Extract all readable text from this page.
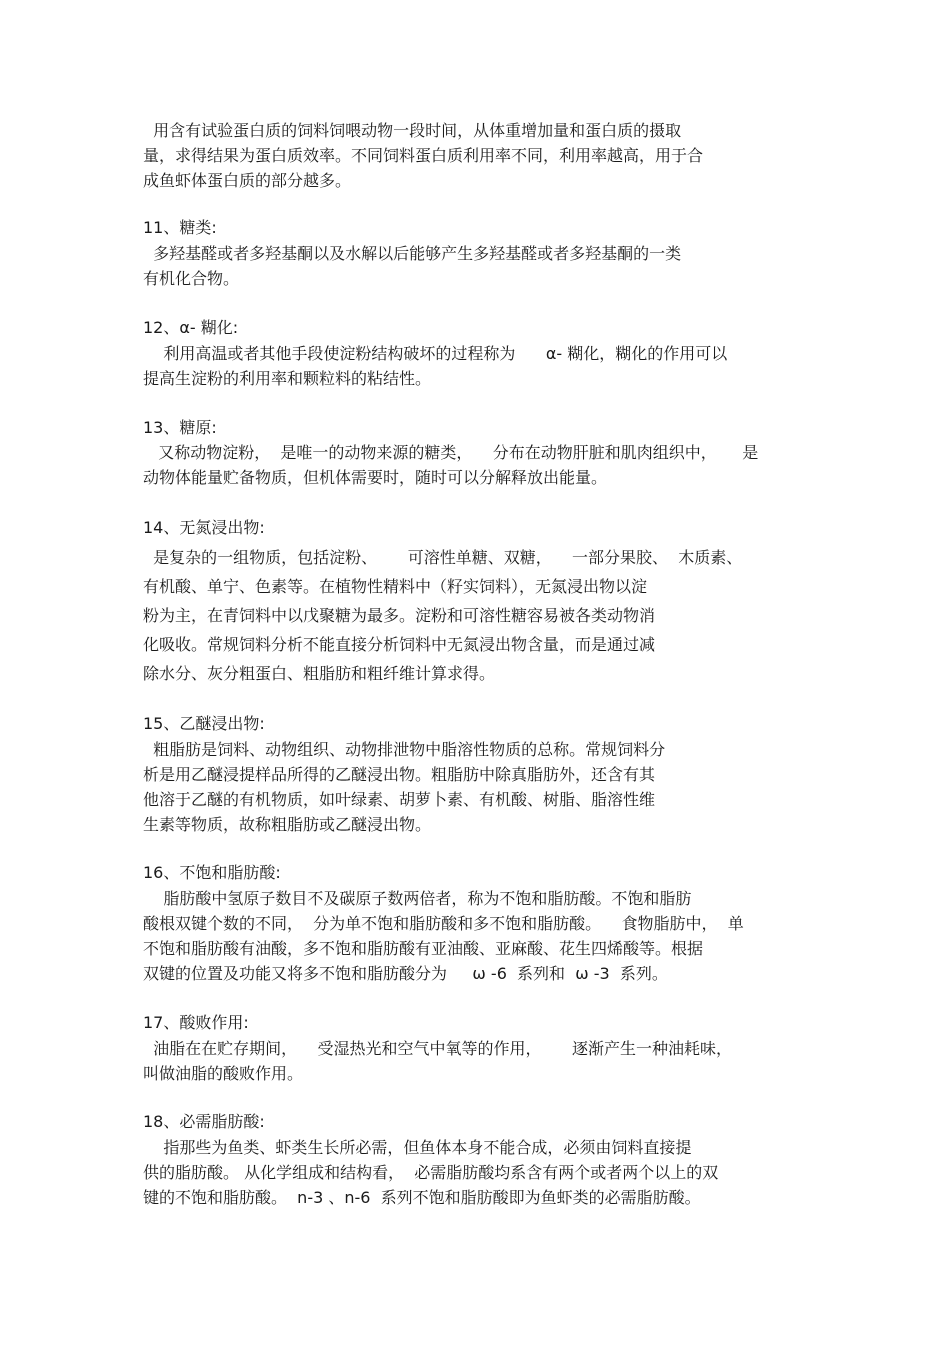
用含有试验蛋白质的饲料饲喂动物一段时间，从体重增加量和蛋白质的摄取
量，求得结果为蛋白质效率。不同饲料蛋白质利用率不同，利用率越高，用于合
成鱼虾体蛋白质的部分越多。
11、糖类:
多羟基醛或者多羟基酮以及水解以后能够产生多羟基醛或者多羟基酮的一类
有机化合物。
12、α- 糊化:
利用高温或者其他手段使淀粉结构破坏的过程称为      α- 糊化，糊化的作用可以
提高生淀粉的利用率和颗粒料的粘结性。
13、糖原:
又称动物淀粉，  是唯一的动物来源的糖类，    分布在动物肝脏和肌肉组织中，     是
动物体能量贮备物质，但机体需要时，随时可以分解释放出能量。
14、无氮浸出物:
是复杂的一组物质，包括淀粉、      可溶性单糖、双糖，    一部分果胶、  木质素、
有机酸、单宁、色素等。在植物性精料中（籽实饲料），无氮浸出物以淀
粉为主，在青饲料中以戊聚糖为最多。淀粉和可溶性糖容易被各类动物消
化吸收。常规饲料分析不能直接分析饲料中无氮浸出物含量，而是通过减
除水分、灰分粗蛋白、粗脂肪和粗纤维计算求得。
15、乙醚浸出物:
粗脂肪是饲料、动物组织、动物排泄物中脂溶性物质的总称。常规饲料分
析是用乙醚浸提样品所得的乙醚浸出物。粗脂肪中除真脂肪外，还含有其
他溶于乙醚的有机物质，如叶绿素、胡萝卜素、有机酸、树脂、脂溶性维
生素等物质，故称粗脂肪或乙醚浸出物。
16、不饱和脂肪酸:
脂肪酸中氢原子数目不及碳原子数两倍者，称为不饱和脂肪酸。不饱和脂肪
酸根双键个数的不同，  分为单不饱和脂肪酸和多不饱和脂肪酸。    食物脂肪中，  单
不饱和脂肪酸有油酸，多不饱和脂肪酸有亚油酸、亚麻酸、花生四烯酸等。根据
双键的位置及功能又将多不饱和脂肪酸分为     ω -6  系列和  ω -3  系列。
17、酸败作用:
油脂在在贮存期间，    受湿热光和空气中氧等的作用，      逐渐产生一种油耗味，
叫做油脂的酸败作用。
18、必需脂肪酸:
指那些为鱼类、虾类生长所必需，但鱼体本身不能合成，必须由饲料直接提
供的脂肪酸。 从化学组成和结构看，  必需脂肪酸均系含有两个或者两个以上的双
键的不饱和脂肪酸。  n-3 、n-6  系列不饱和脂肪酸即为鱼虾类的必需脂肪酸。
